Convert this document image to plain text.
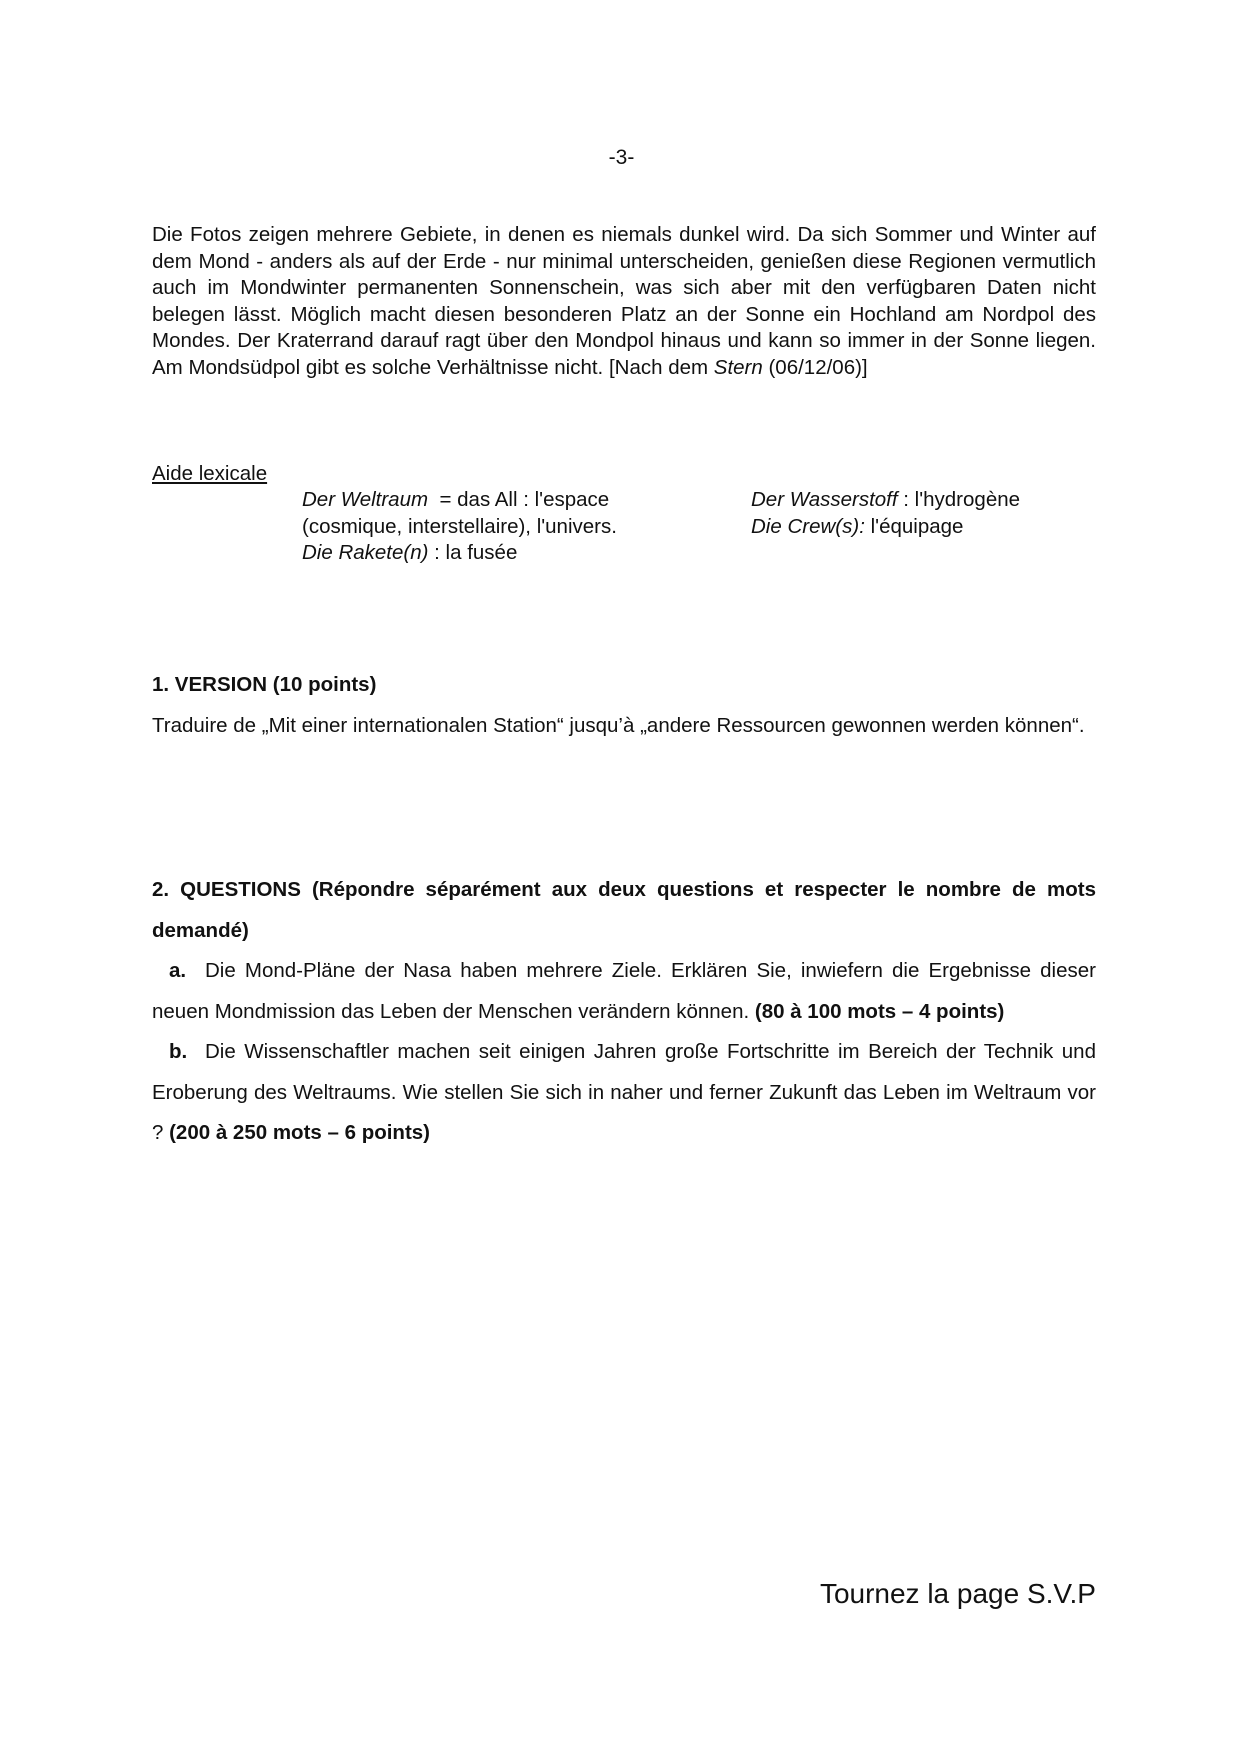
-3-

Die Fotos zeigen mehrere Gebiete, in denen es niemals dunkel wird. Da sich Sommer und Winter auf dem Mond - anders als auf der Erde - nur minimal unterscheiden, genießen diese Regionen vermutlich auch im Mondwinter permanenten Sonnenschein, was sich aber mit den verfügbaren Daten nicht belegen lässt. Möglich macht diesen besonderen Platz an der Sonne ein Hochland am Nordpol des Mondes. Der Kraterrand darauf ragt über den Mondpol hinaus und kann so immer in der Sonne liegen. Am Mondsüdpol gibt es solche Verhältnisse nicht. [Nach dem Stern (06/12/06)]

Aide lexicale

Der Weltraum  = das All : l'espace
(cosmique, interstellaire), l'univers.
Die Rakete(n) : la fusée
Der Wasserstoff : l'hydrogène
Die Crew(s): l'équipage

1. VERSION (10 points)

Traduire de „Mit einer internationalen Station“ jusqu’à „andere Ressourcen gewonnen werden können“.

2. QUESTIONS (Répondre séparément aux deux questions et respecter le nombre de mots demandé)

a. Die Mond-Pläne der Nasa haben mehrere Ziele. Erklären Sie, inwiefern die Ergebnisse dieser neuen Mondmission das Leben der Menschen verändern können. (80 à 100 mots – 4 points)

b. Die Wissenschaftler machen seit einigen Jahren große Fortschritte im Bereich der Technik und Eroberung des Weltraums. Wie stellen Sie sich in naher und ferner Zukunft das Leben im Weltraum vor ? (200 à 250 mots – 6 points)

Tournez la page S.V.P
